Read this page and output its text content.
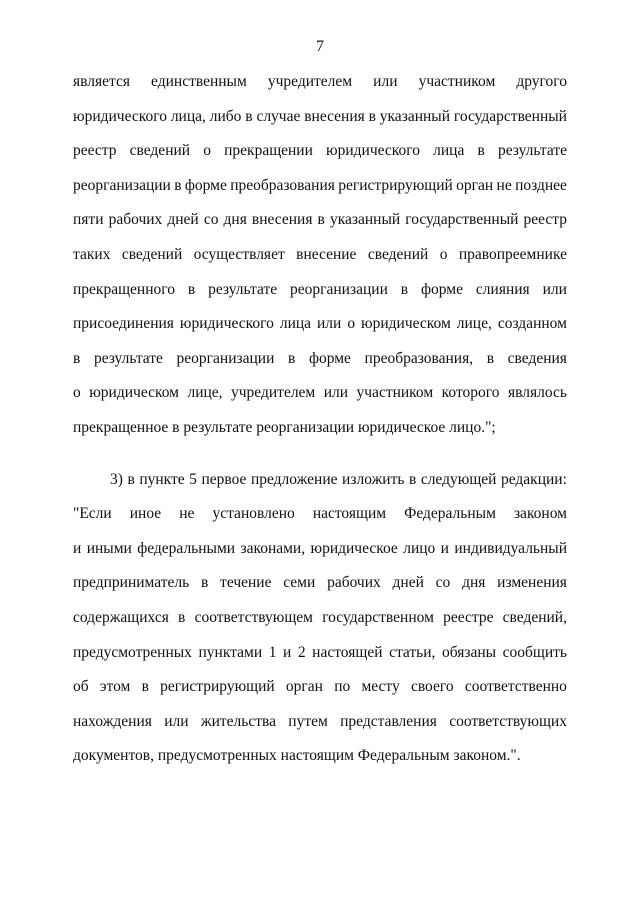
7
является единственным учредителем или участником другого
юридического лица, либо в случае внесения в указанный государственный
реестр сведений о прекращении юридического лица в результате
реорганизации в форме преобразования регистрирующий орган не позднее
пяти рабочих дней со дня внесения в указанный государственный реестр
таких сведений осуществляет внесение сведений о правопреемнике
прекращенного в результате реорганизации в форме слияния или
присоединения юридического лица или о юридическом лице, созданном
в результате реорганизации в форме преобразования, в сведения
о юридическом лице, учредителем или участником которого являлось
прекращенное в результате реорганизации юридическое лицо.";
3) в пункте 5 первое предложение изложить в следующей редакции:
"Если иное не установлено настоящим Федеральным законом
и иными федеральными законами, юридическое лицо и индивидуальный
предприниматель в течение семи рабочих дней со дня изменения
содержащихся в соответствующем государственном реестре сведений,
предусмотренных пунктами 1 и 2 настоящей статьи, обязаны сообщить
об этом в регистрирующий орган по месту своего соответственно
нахождения или жительства путем представления соответствующих
документов, предусмотренных настоящим Федеральным законом.".
